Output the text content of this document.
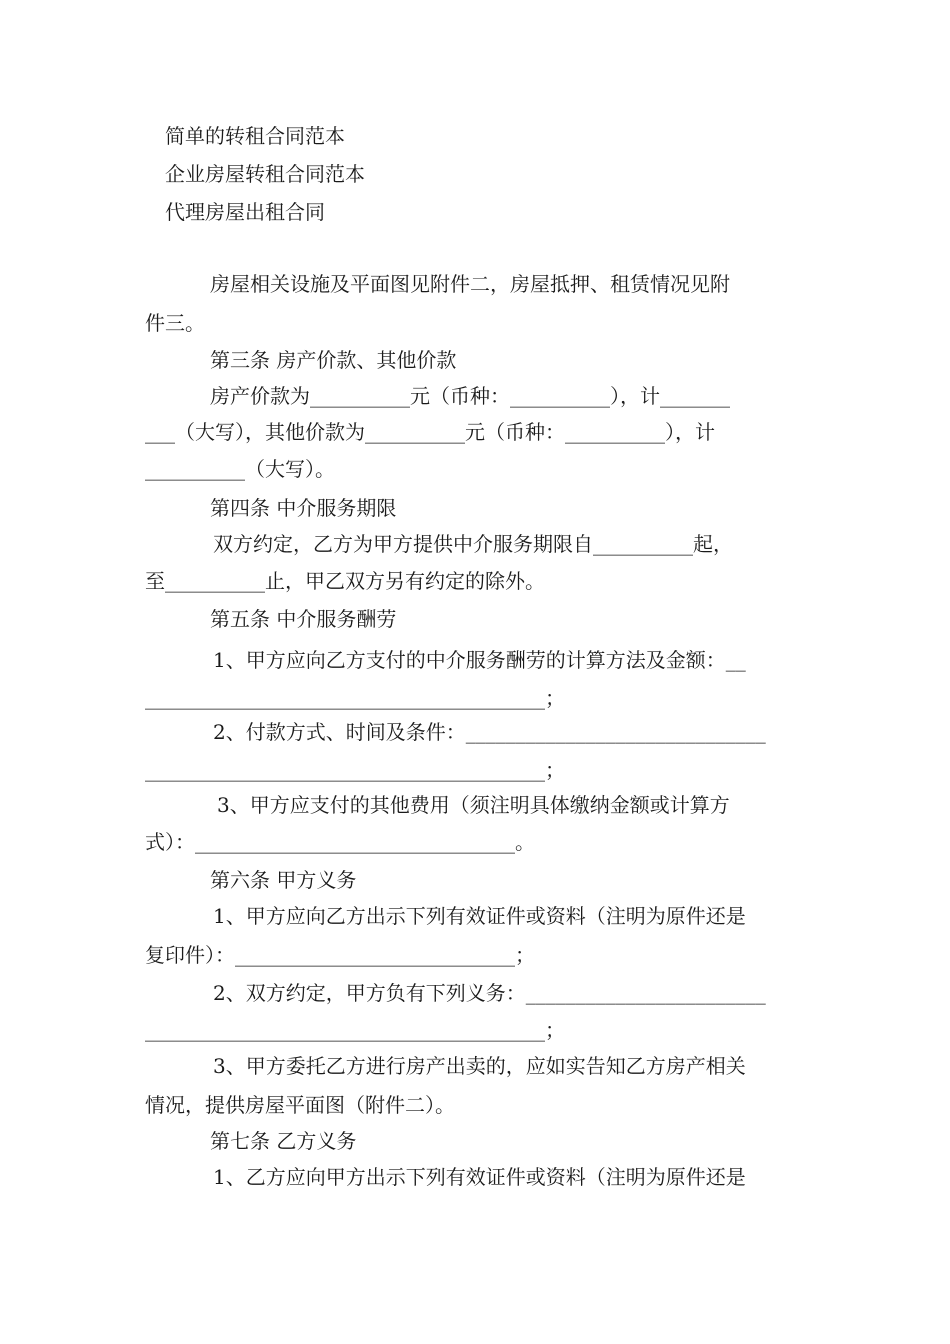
简单的转租合同范本
企业房屋转租合同范本
代理房屋出租合同
房屋相关设施及平面图见附件二，房屋抵押、租赁情况见附
件三。
第三条 房产价款、其他价款
房产价款为__________元（币种：__________），计_______
___（大写），其他价款为__________元（币种：__________），计
__________（大写）。
第四条 中介服务期限
双方约定，乙方为甲方提供中介服务期限自__________起，
至__________止，甲乙双方另有约定的除外。
第五条 中介服务酬劳
1、甲方应向乙方支付的中介服务酬劳的计算方法及金额：__
________________________________________；
2、付款方式、时间及条件：______________________________
________________________________________；
3、甲方应支付的其他费用（须注明具体缴纳金额或计算方
式）：________________________________。
第六条 甲方义务
1、甲方应向乙方出示下列有效证件或资料（注明为原件还是
复印件）：____________________________；
2、双方约定，甲方负有下列义务：________________________
________________________________________；
3、甲方委托乙方进行房产出卖的，应如实告知乙方房产相关
情况，提供房屋平面图（附件二）。
第七条 乙方义务
1、乙方应向甲方出示下列有效证件或资料（注明为原件还是
